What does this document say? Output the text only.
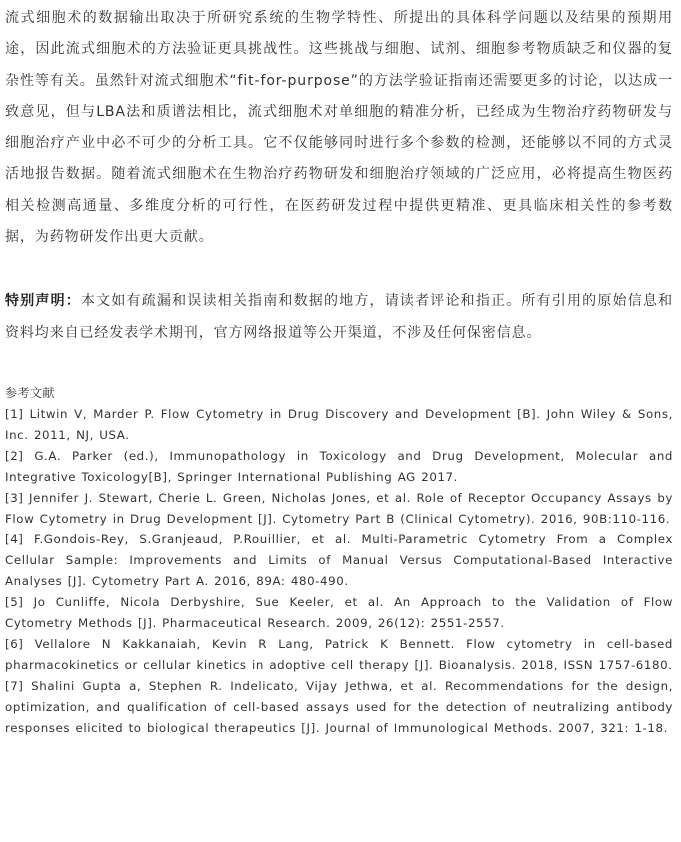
流式细胞术的数据输出取决于所研究系统的生物学特性、所提出的具体科学问题以及结果的预期用途，因此流式细胞术的方法验证更具挑战性。这些挑战与细胞、试剂、细胞参考物质缺乏和仪器的复杂性等有关。虽然针对流式细胞术“fit-for-purpose”的方法学验证指南还需要更多的讨论，以达成一致意见，但与LBA法和质谱法相比，流式细胞术对单细胞的精准分析，已经成为生物治疗药物研发与细胞治疗产业中必不可少的分析工具。它不仅能够同时进行多个参数的检测，还能够以不同的方式灵活地报告数据。随着流式细胞术在生物治疗药物研发和细胞治疗领域的广泛应用，必将提高生物医药相关检测高通量、多维度分析的可行性，在医药研发过程中提供更精准、更具临床相关性的参考数据，为药物研发作出更大贡献。

特别声明：本文如有疏漏和误读相关指南和数据的地方，请读者评论和指正。所有引用的原始信息和资料均来自已经发表学术期刊，官方网络报道等公开渠道，不涉及任何保密信息。

参考文献
[1] Litwin V, Marder P. Flow Cytometry in Drug Discovery and Development [B]. John Wiley & Sons, Inc. 2011, NJ, USA.
[2] G.A. Parker (ed.), Immunopathology in Toxicology and Drug Development, Molecular and Integrative Toxicology[B], Springer International Publishing AG 2017.
[3] Jennifer J. Stewart, Cherie L. Green, Nicholas Jones, et al. Role of Receptor Occupancy Assays by Flow Cytometry in Drug Development [J]. Cytometry Part B (Clinical Cytometry). 2016, 90B:110-116.
[4] F.Gondois-Rey, S.Granjeaud, P.Rouillier, et al. Multi-Parametric Cytometry From a Complex Cellular Sample: Improvements and Limits of Manual Versus Computational-Based Interactive Analyses [J]. Cytometry Part A. 2016, 89A: 480-490.
[5] Jo Cunliffe, Nicola Derbyshire, Sue Keeler, et al. An Approach to the Validation of Flow Cytometry Methods [J]. Pharmaceutical Research. 2009, 26(12): 2551-2557.
[6] Vellalore N Kakkanaiah, Kevin R Lang, Patrick K Bennett. Flow cytometry in cell-based pharmacokinetics or cellular kinetics in adoptive cell therapy [J]. Bioanalysis. 2018, ISSN 1757-6180.
[7] Shalini Gupta a, Stephen R. Indelicato, Vijay Jethwa, et al. Recommendations for the design, optimization, and qualification of cell-based assays used for the detection of neutralizing antibody responses elicited to biological therapeutics [J]. Journal of Immunological Methods. 2007, 321: 1-18.
